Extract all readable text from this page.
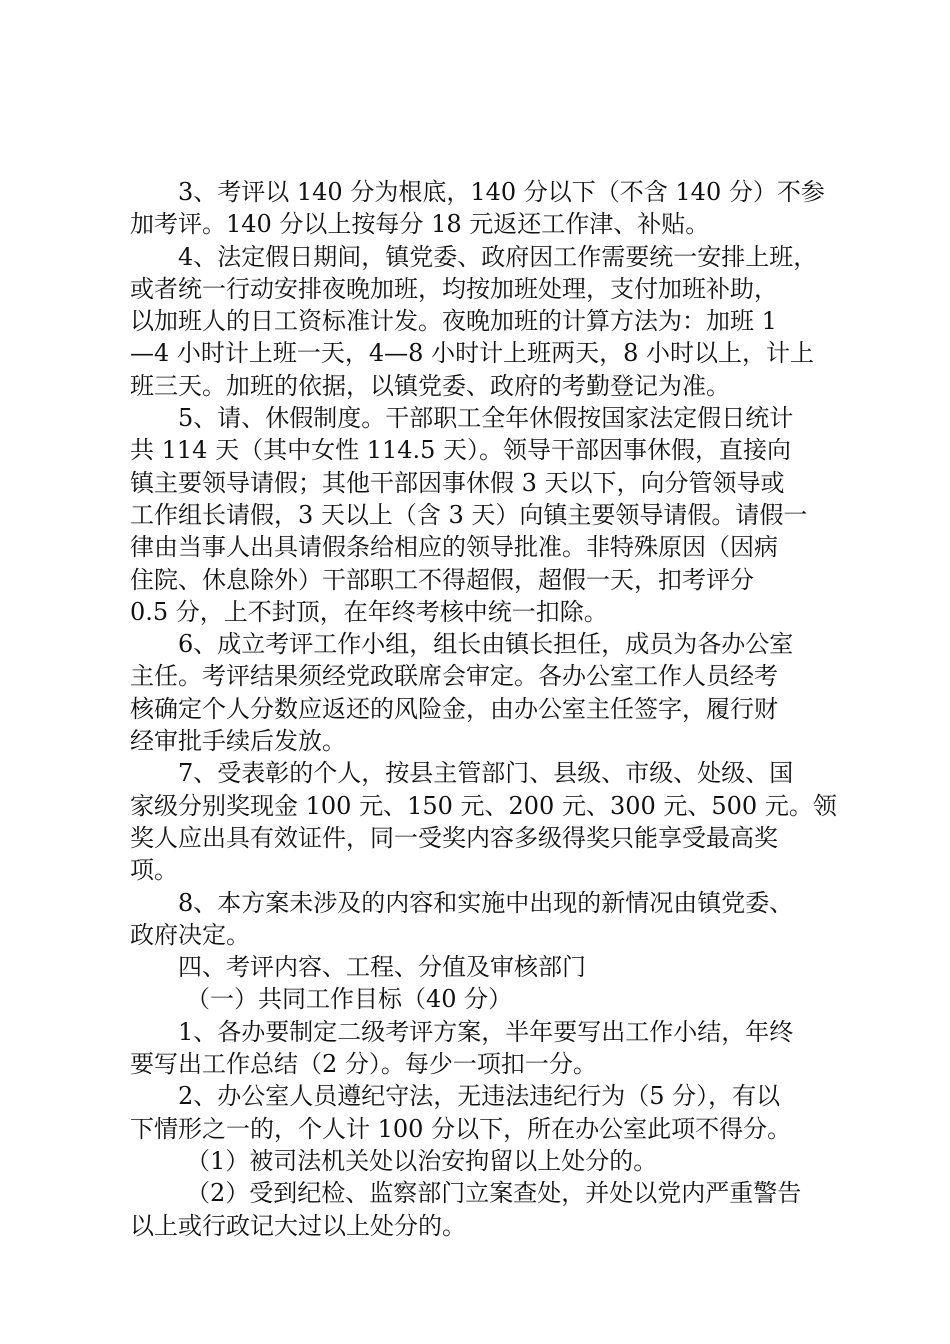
3、考评以 140 分为根底，140 分以下（不含 140 分）不参
加考评。140 分以上按每分 18 元返还工作津、补贴。
4、法定假日期间，镇党委、政府因工作需要统一安排上班，
或者统一行动安排夜晚加班，均按加班处理，支付加班补助，
以加班人的日工资标准计发。夜晚加班的计算方法为：加班 1
—4 小时计上班一天，4—8 小时计上班两天，8 小时以上，计上
班三天。加班的依据，以镇党委、政府的考勤登记为准。
5、请、休假制度。干部职工全年休假按国家法定假日统计
共 114 天（其中女性 114.5 天）。领导干部因事休假，直接向
镇主要领导请假；其他干部因事休假 3 天以下，向分管领导或
工作组长请假，3 天以上（含 3 天）向镇主要领导请假。请假一
律由当事人出具请假条给相应的领导批准。非特殊原因（因病
住院、休息除外）干部职工不得超假，超假一天，扣考评分
0.5 分，上不封顶，在年终考核中统一扣除。
6、成立考评工作小组，组长由镇长担任，成员为各办公室
主任。考评结果须经党政联席会审定。各办公室工作人员经考
核确定个人分数应返还的风险金，由办公室主任签字，履行财
经审批手续后发放。
7、受表彰的个人，按县主管部门、县级、市级、处级、国
家级分别奖现金 100 元、150 元、200 元、300 元、500 元。领
奖人应出具有效证件，同一受奖内容多级得奖只能享受最高奖
项。
8、本方案未涉及的内容和实施中出现的新情况由镇党委、
政府决定。
四、考评内容、工程、分值及审核部门
（一）共同工作目标（40 分）
1、各办要制定二级考评方案，半年要写出工作小结，年终
要写出工作总结（2 分）。每少一项扣一分。
2、办公室人员遵纪守法，无违法违纪行为（5 分），有以
下情形之一的，个人计 100 分以下，所在办公室此项不得分。
（1）被司法机关处以治安拘留以上处分的。
（2）受到纪检、监察部门立案查处，并处以党内严重警告
以上或行政记大过以上处分的。
